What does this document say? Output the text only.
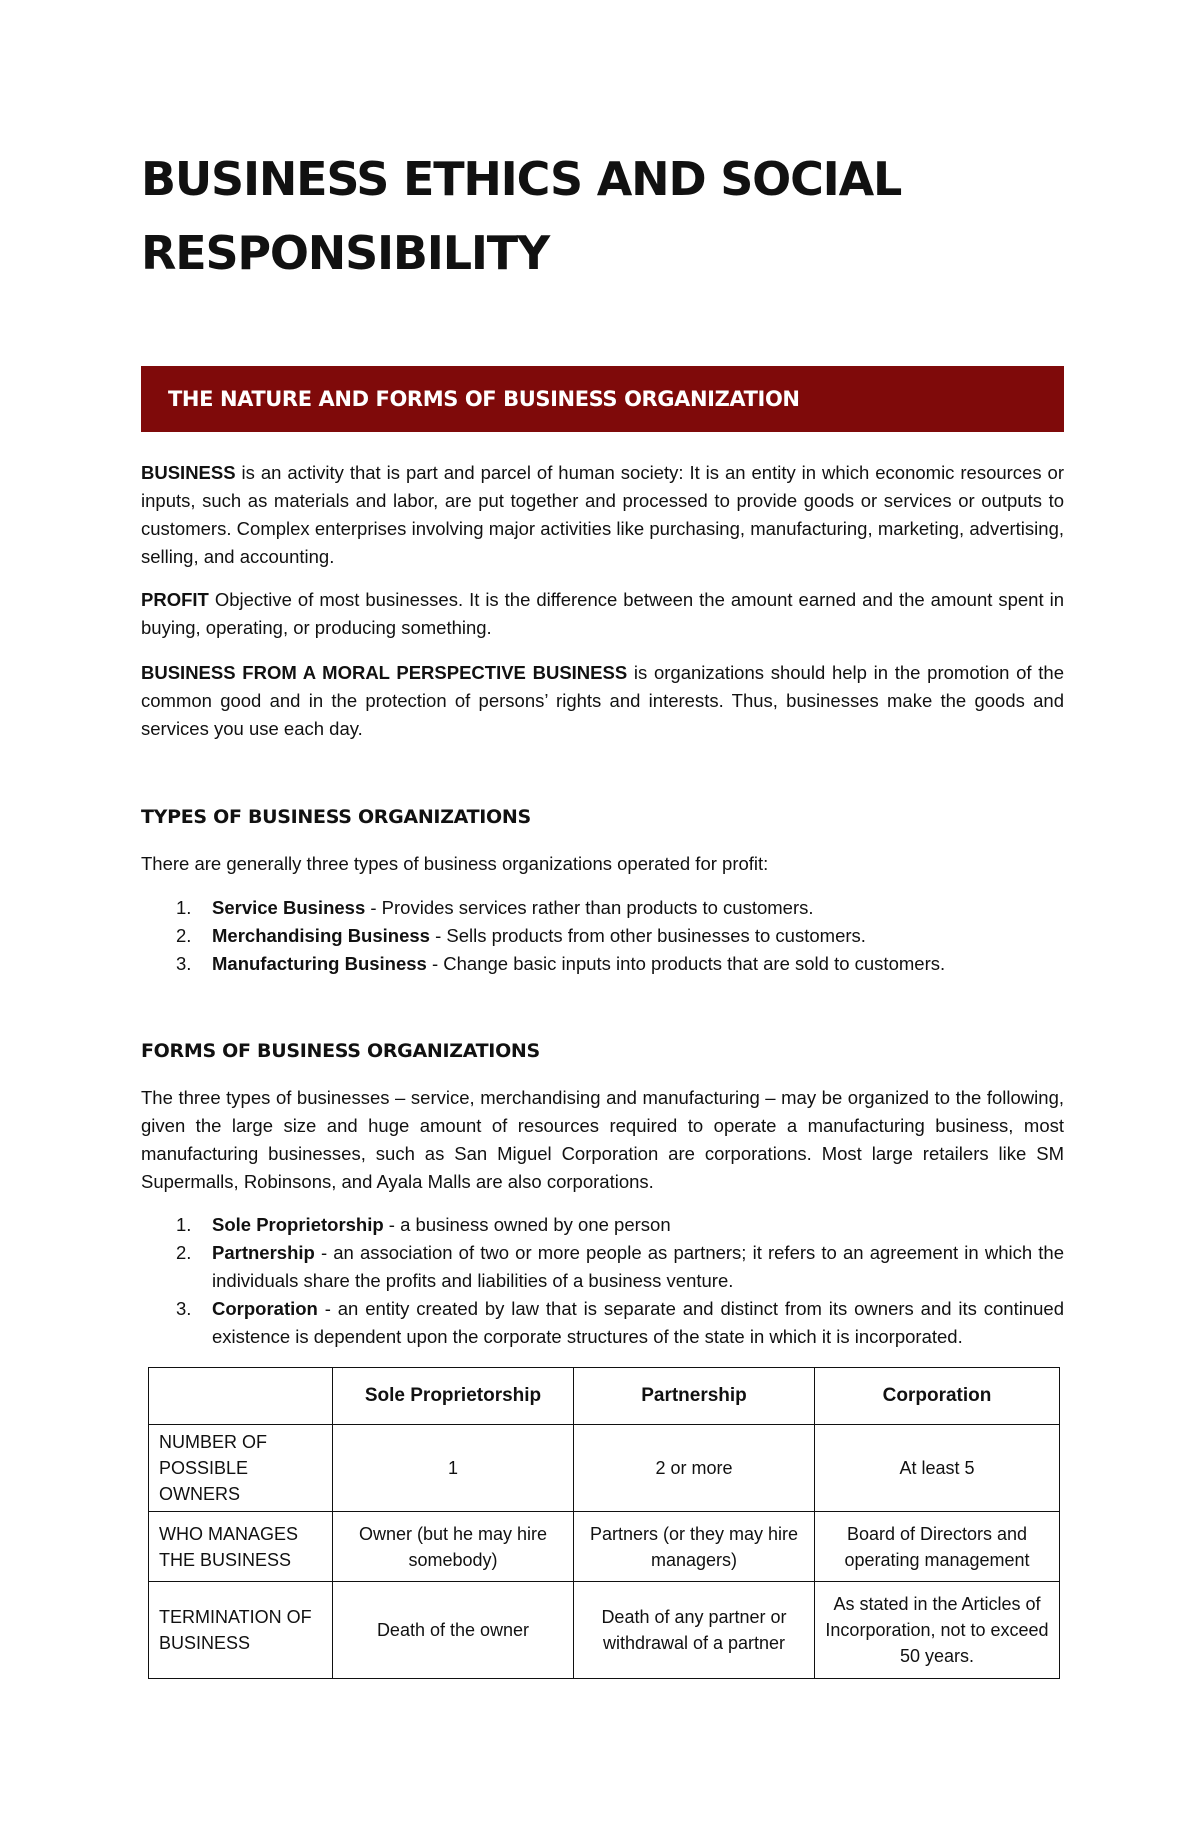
BUSINESS ETHICS AND SOCIAL
RESPONSIBILITY
THE NATURE AND FORMS OF BUSINESS ORGANIZATION

BUSINESS is an activity that is part and parcel of human society: It is an entity in which economic resources or inputs, such as materials and labor, are put together and processed to provide goods or services or outputs to customers. Complex enterprises involving major activities like purchasing, manufacturing, marketing, advertising, selling, and accounting.

PROFIT Objective of most businesses. It is the difference between the amount earned and the amount spent in buying, operating, or producing something.

BUSINESS FROM A MORAL PERSPECTIVE BUSINESS is organizations should help in the promotion of the common good and in the protection of persons’ rights and interests. Thus, businesses make the goods and services you use each day.

TYPES OF BUSINESS ORGANIZATIONS

There are generally three types of business organizations operated for profit:

1. Service Business - Provides services rather than products to customers.
2. Merchandising Business - Sells products from other businesses to customers.
3. Manufacturing Business - Change basic inputs into products that are sold to customers.
FORMS OF BUSINESS ORGANIZATIONS

The three types of businesses – service, merchandising and manufacturing – may be organized to the following, given the large size and huge amount of resources required to operate a manufacturing business, most manufacturing businesses, such as San Miguel Corporation are corporations. Most large retailers like SM Supermalls, Robinsons, and Ayala Malls are also corporations.

1. Sole Proprietorship - a business owned by one person
2. Partnership - an association of two or more people as partners; it refers to an agreement in which the individuals share the profits and liabilities of a business venture.
3. Corporation - an entity created by law that is separate and distinct from its owners and its continued existence is dependent upon the corporate structures of the state in which it is incorporated.
	Sole Proprietorship	Partnership	Corporation
NUMBER OF
POSSIBLE OWNERS	1	2 or more	At least 5
WHO MANAGES
THE BUSINESS	Owner (but he may hire somebody)	Partners (or they may hire managers)	Board of Directors and operating management
TERMINATION OF
BUSINESS	Death of the owner	Death of any partner or withdrawal of a partner	As stated in the Articles of Incorporation, not to exceed 50 years.
